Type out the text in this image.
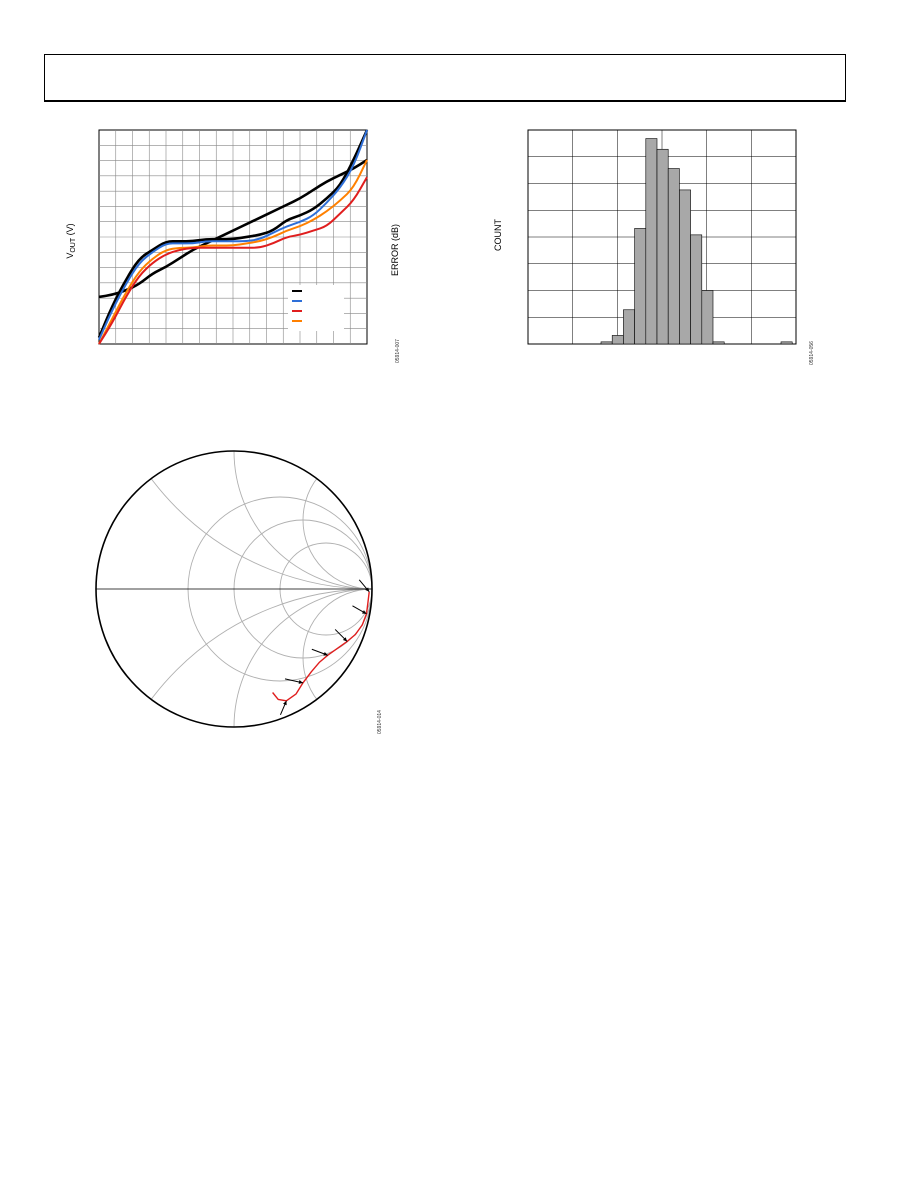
$V_{OUT}$ (V)	ERROR (dB)
05914-007
COUNT
05914-056
05914-014
